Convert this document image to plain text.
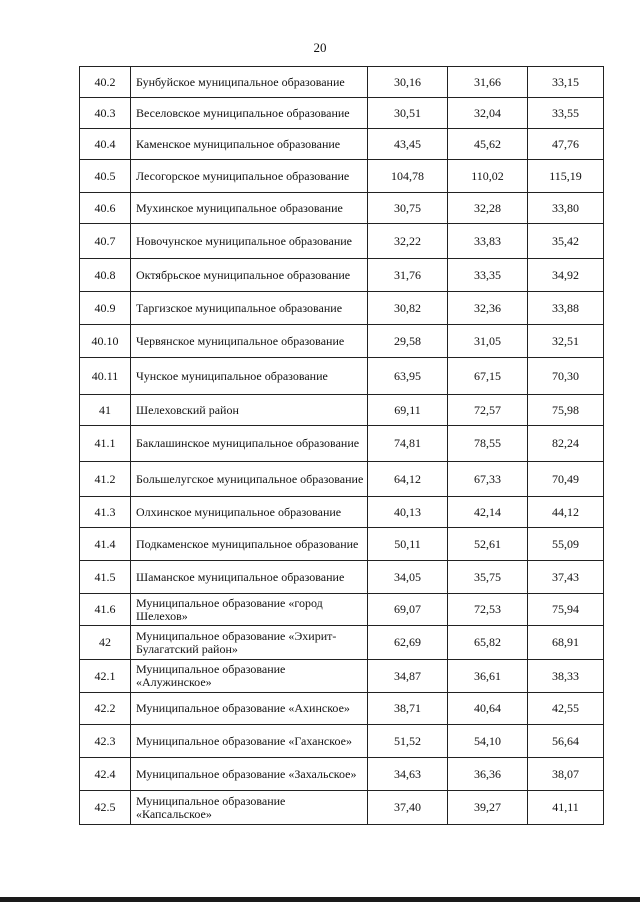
20
40.2	Бунбуйское муниципальное образование	30,16	31,66	33,15
40.3	Веселовское муниципальное образование	30,51	32,04	33,55
40.4	Каменское муниципальное образование	43,45	45,62	47,76
40.5	Лесогорское муниципальное образование	104,78	110,02	115,19
40.6	Мухинское муниципальное образование	30,75	32,28	33,80
40.7	Новочунское муниципальное образование	32,22	33,83	35,42
40.8	Октябрьское муниципальное образование	31,76	33,35	34,92
40.9	Таргизское муниципальное образование	30,82	32,36	33,88
40.10	Червянское муниципальное образование	29,58	31,05	32,51
40.11	Чунское муниципальное образование	63,95	67,15	70,30
41	Шелеховский район	69,11	72,57	75,98
41.1	Баклашинское муниципальное образование	74,81	78,55	82,24
41.2	Большелугское муниципальное образование	64,12	67,33	70,49
41.3	Олхинское муниципальное образование	40,13	42,14	44,12
41.4	Подкаменское муниципальное образование	50,11	52,61	55,09
41.5	Шаманское муниципальное образование	34,05	35,75	37,43
41.6	Муниципальное образование «город Шелехов»	69,07	72,53	75,94
42	Муниципальное образование «Эхирит-Булагатский район»	62,69	65,82	68,91
42.1	Муниципальное образование «Алужинское»	34,87	36,61	38,33
42.2	Муниципальное образование «Ахинское»	38,71	40,64	42,55
42.3	Муниципальное образование «Гаханское»	51,52	54,10	56,64
42.4	Муниципальное образование «Захальское»	34,63	36,36	38,07
42.5	Муниципальное образование «Капсальское»	37,40	39,27	41,11
